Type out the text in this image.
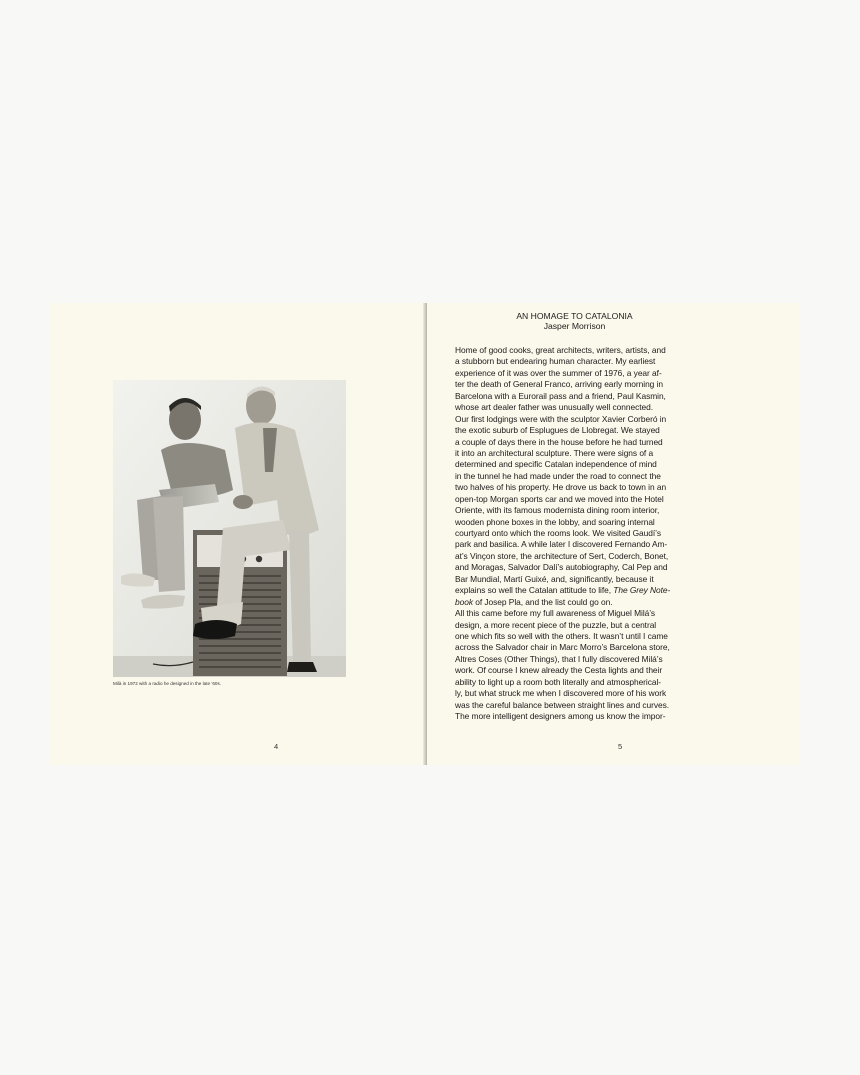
Milà in 1972 with a radio he designed in the late ’60s.
4
AN HOMAGE TO CATALONIA
Jasper Morrison
Home of good cooks, great architects, writers, artists, and
a stubborn but endearing human character. My earliest
experience of it was over the summer of 1976, a year af-
ter the death of General Franco, arriving early morning in
Barcelona with a Eurorail pass and a friend, Paul Kasmin,
whose art dealer father was unusually well connected.
Our first lodgings were with the sculptor Xavier Corberó in
the exotic suburb of Esplugues de Llobregat. We stayed
a couple of days there in the house before he had turned
it into an architectural sculpture. There were signs of a
determined and specific Catalan independence of mind
in the tunnel he had made under the road to connect the
two halves of his property. He drove us back to town in an
open-top Morgan sports car and we moved into the Hotel
Oriente, with its famous modernista dining room interior,
wooden phone boxes in the lobby, and soaring internal
courtyard onto which the rooms look. We visited Gaudí’s
park and basilica. A while later I discovered Fernando Am-
at’s Vinçon store, the architecture of Sert, Coderch, Bonet,
and Moragas, Salvador Dalí’s autobiography, Cal Pep and
Bar Mundial, Martí Guixé, and, significantly, because it
explains so well the Catalan attitude to life, The Grey Note-
book of Josep Pla, and the list could go on.
All this came before my full awareness of Miguel Milá’s
design, a more recent piece of the puzzle, but a central
one which fits so well with the others. It wasn’t until I came
across the Salvador chair in Marc Morro’s Barcelona store,
Altres Coses (Other Things), that I fully discovered Milá’s
work. Of course I knew already the Cesta lights and their
ability to light up a room both literally and atmospherical-
ly, but what struck me when I discovered more of his work
was the careful balance between straight lines and curves.
The more intelligent designers among us know the impor-
5
